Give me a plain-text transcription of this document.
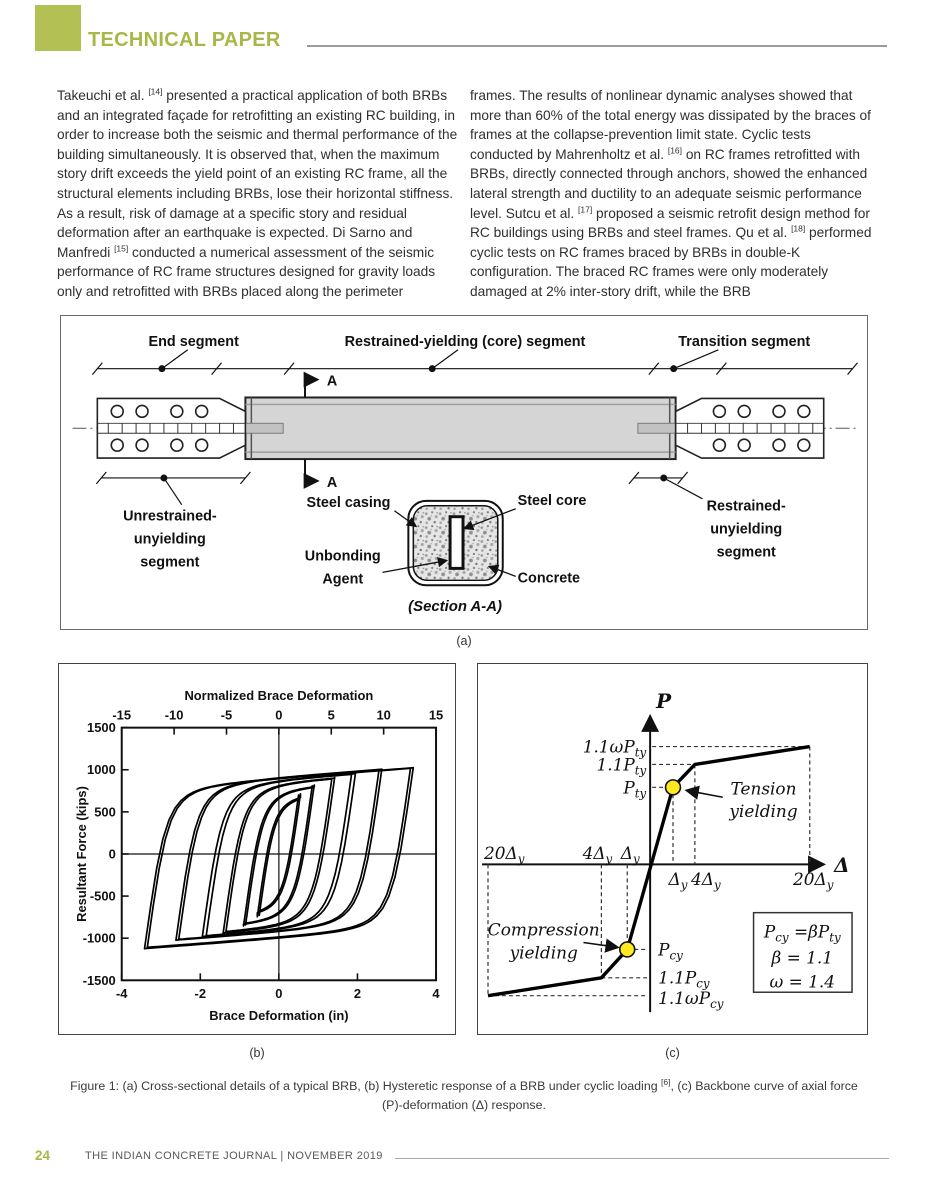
TECHNICAL PAPER
Takeuchi et al. [14] presented a practical application of both BRBs and an integrated façade for retrofitting an existing RC building, in order to increase both the seismic and thermal performance of the building simultaneously. It is observed that, when the maximum story drift exceeds the yield point of an existing RC frame, all the structural elements including BRBs, lose their horizontal stiffness. As a result, risk of damage at a specific story and residual deformation after an earthquake is expected. Di Sarno and Manfredi [15] conducted a numerical assessment of the seismic performance of RC frame structures designed for gravity loads only and retrofitted with BRBs placed along the perimeter
frames. The results of nonlinear dynamic analyses showed that more than 60% of the total energy was dissipated by the braces of frames at the collapse-prevention limit state. Cyclic tests conducted by Mahrenholtz et al. [16] on RC frames retrofitted with BRBs, directly connected through anchors, showed the enhanced lateral strength and ductility to an adequate seismic performance level. Sutcu et al. [17] proposed a seismic retrofit design method for RC buildings using BRBs and steel frames. Qu et al. [18] performed cyclic tests on RC frames braced by BRBs in double-K configuration. The braced RC frames were only moderately damaged at 2% inter-story drift, while the BRB
End segment	Restrained-yielding (core) segment	Transition segment
A
A
Unrestrained-
unyielding
segment
Restrained-
unyielding
segment
Steel casing	Steel core
Unbonding
Agent	Concrete
(Section A-A)
Normalized Brace Deformation
Brace Deformation (in)
Resultant Force (kips)
-15	-10	-5	0	5	10	15
-4	-2	0	2	4
1500
1000
500
0
-500
-1000
-1500
P
Δ
$1.1\omega P_{ty}$
$1.1P_{ty}$
$P_{ty}$
$P_{cy}$
$1.1P_{cy}$
$1.1\omega P_{cy}$
$20\Delta_y$	$4\Delta_y$ $\Delta_y$
$\Delta_y$ $4\Delta_y$	$20\Delta_y$
Tension
yielding
Compression
yielding
$P_{cy} =\beta P_{ty}$
β = 1.1
ω = 1.4
(a)
(b)	(c)
Figure 1: (a) Cross-sectional details of a typical BRB, (b) Hysteretic response of a BRB under cyclic loading [6], (c) Backbone curve of axial force (P)-deformation (Δ) response.
24	THE INDIAN CONCRETE JOURNAL | NOVEMBER 2019
